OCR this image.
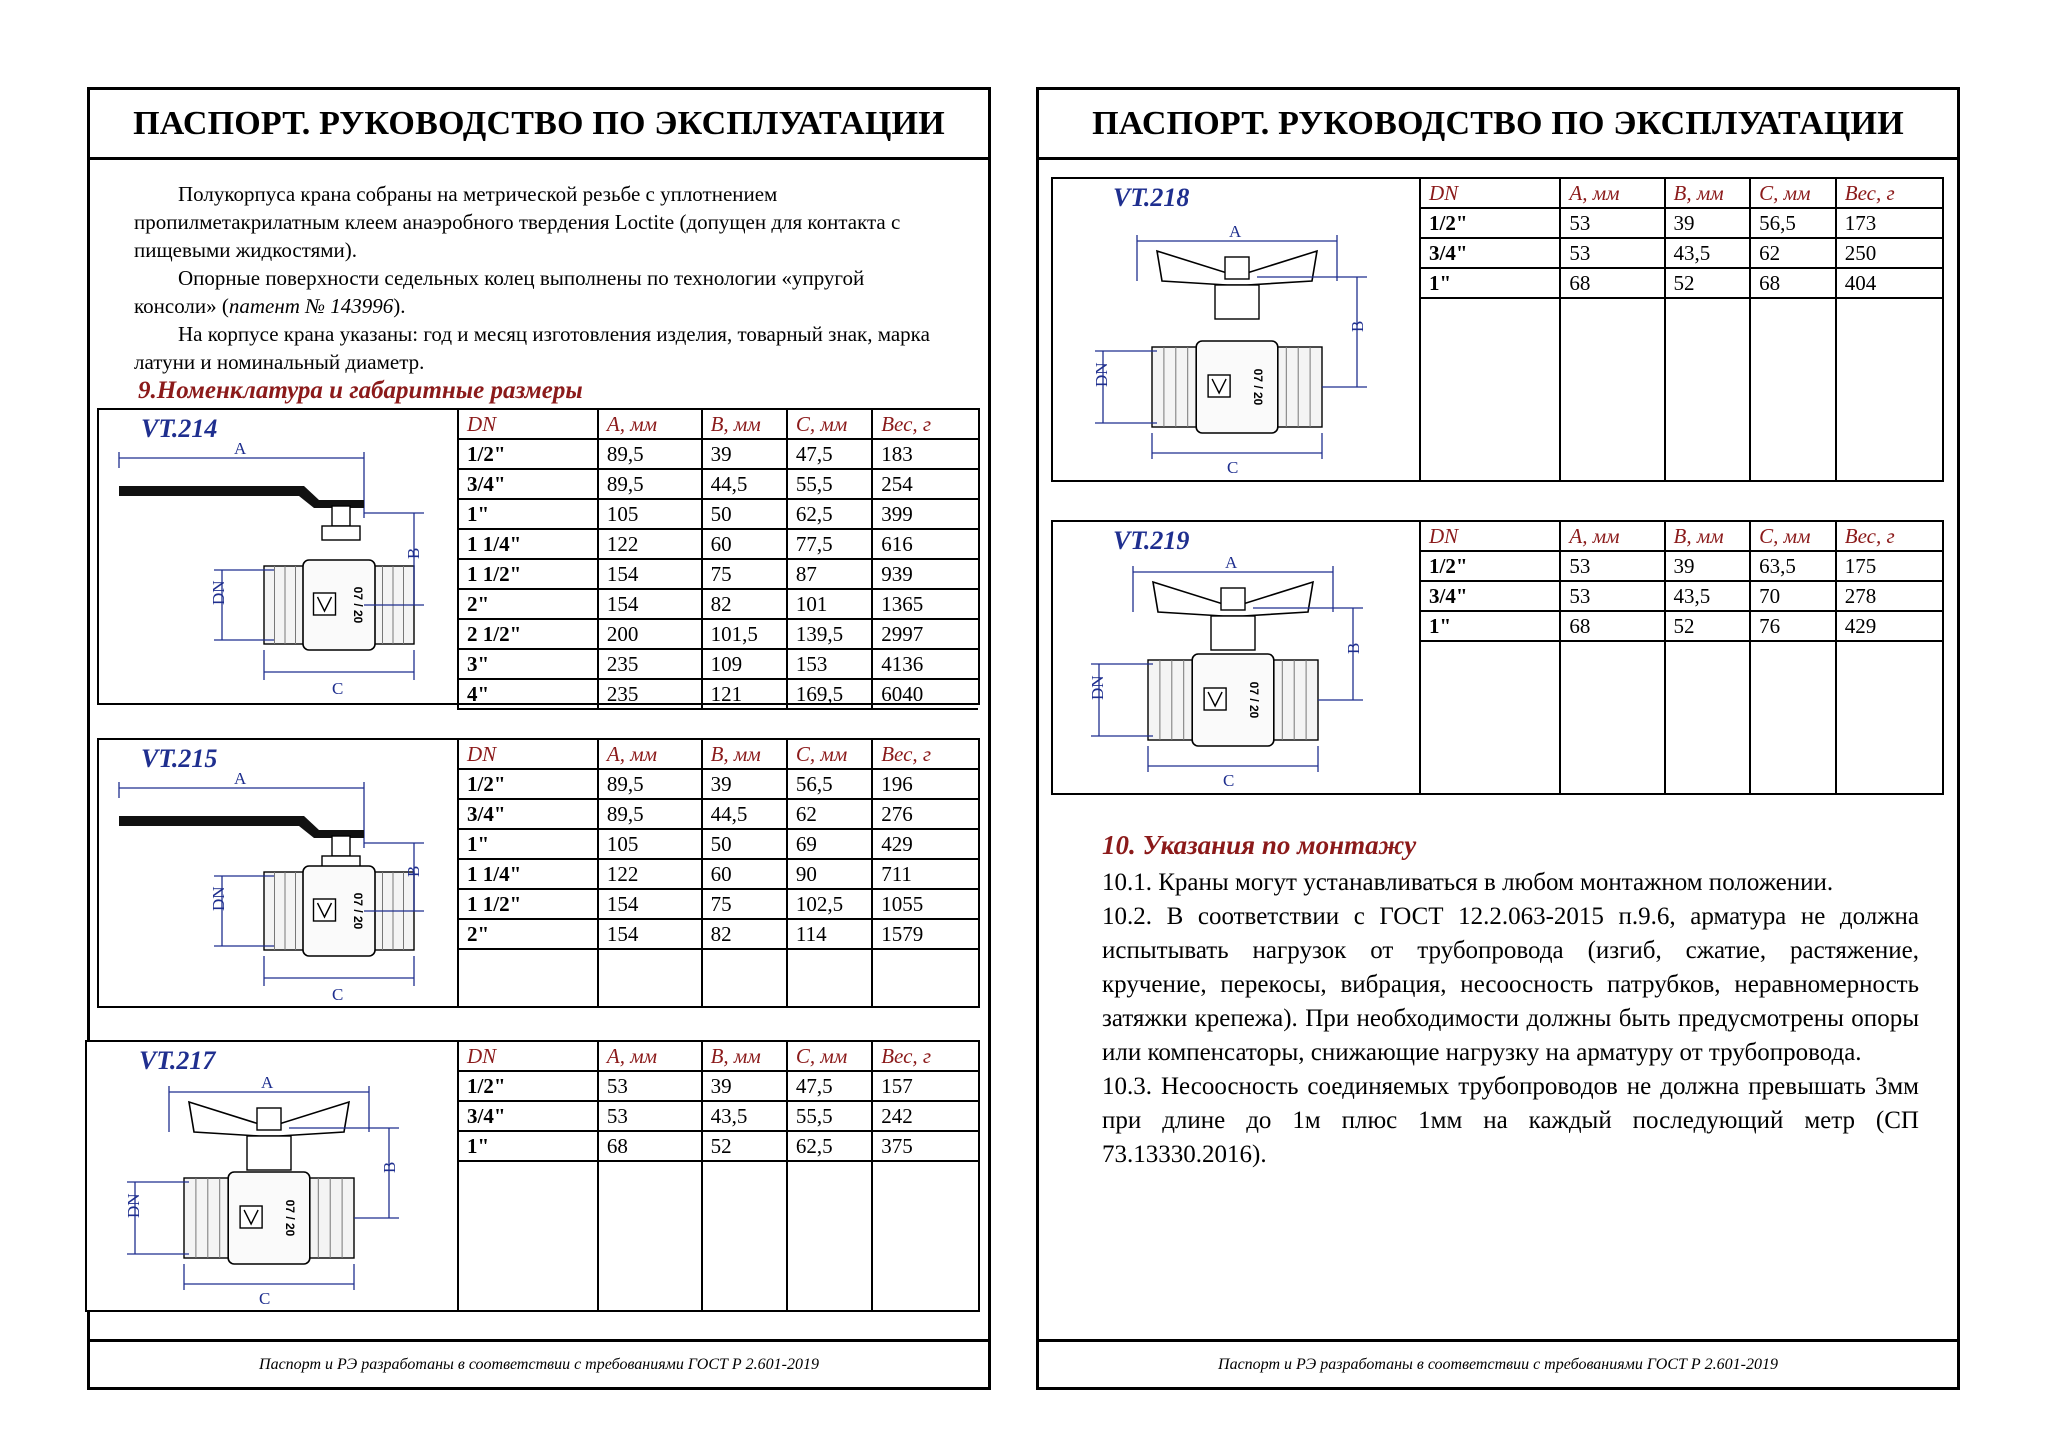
ПАСПОРТ. РУКОВОДСТВО ПО ЭКСПЛУАТАЦИИ

Полукорпуса крана собраны на метрической резьбе с уплотнением пропилметакрилатным клеем анаэробного твердения Loctite (допущен для контакта с пищевыми жидкостями).

Опорные поверхности седельных колец выполнены по технологии «упругой консоли» (патент № 143996).

На корпусе крана указаны: год и месяц изготовления изделия, товарный знак, марка латуни и номинальный диаметр.

9.Номенклатура и габаритные размеры
VT.214
A
07 / 20
B
C
DN
DN	A, мм	B, мм	C, мм	Вес, г
1/2"	89,5	39	47,5	183
3/4"	89,5	44,5	55,5	254
1"	105	50	62,5	399
1 1/4"	122	60	77,5	616
1 1/2"	154	75	87	939
2"	154	82	101	1365
2 1/2"	200	101,5	139,5	2997
3"	235	109	153	4136
4"	235	121	169,5	6040

VT.215
A
07 / 20
B
C
DN
DN	A, мм	B, мм	C, мм	Вес, г
1/2"	89,5	39	56,5	196
3/4"	89,5	44,5	62	276
1"	105	50	69	429
1 1/4"	122	60	90	711
1 1/2"	154	75	102,5	1055
2"	154	82	114	1579

VT.217
A
07 / 20
B
C
DN
DN	A, мм	B, мм	C, мм	Вес, г
1/2"	53	39	47,5	157
3/4"	53	43,5	55,5	242
1"	68	52	62,5	375

Паспорт и РЭ разработаны в соответствии с требованиями ГОСТ Р 2.601-2019
ПАСПОРТ. РУКОВОДСТВО ПО ЭКСПЛУАТАЦИИ
VT.218
A
07 / 20
B
C
DN
DN	A, мм	B, мм	C, мм	Вес, г
1/2"	53	39	56,5	173
3/4"	53	43,5	62	250
1"	68	52	68	404

VT.219
A
07 / 20
B
C
DN
DN	A, мм	B, мм	C, мм	Вес, г
1/2"	53	39	63,5	175
3/4"	53	43,5	70	278
1"	68	52	76	429

10. Указания по монтажу

10.1. Краны могут устанавливаться в любом монтажном положении.

10.2. В соответствии с ГОСТ 12.2.063-2015 п.9.6, арматура не должна испытывать нагрузок от трубопровода (изгиб, сжатие, растяжение, кручение, перекосы, вибрация, несоосность патрубков, неравномерность затяжки крепежа). При необходимости должны быть предусмотрены опоры или компенсаторы, снижающие нагрузку на арматуру от трубопровода.

10.3. Несоосность соединяемых трубопроводов не должна превышать 3мм при длине до 1м плюс 1мм на каждый последующий метр (СП 73.13330.2016).

Паспорт и РЭ разработаны в соответствии с требованиями ГОСТ Р 2.601-2019
